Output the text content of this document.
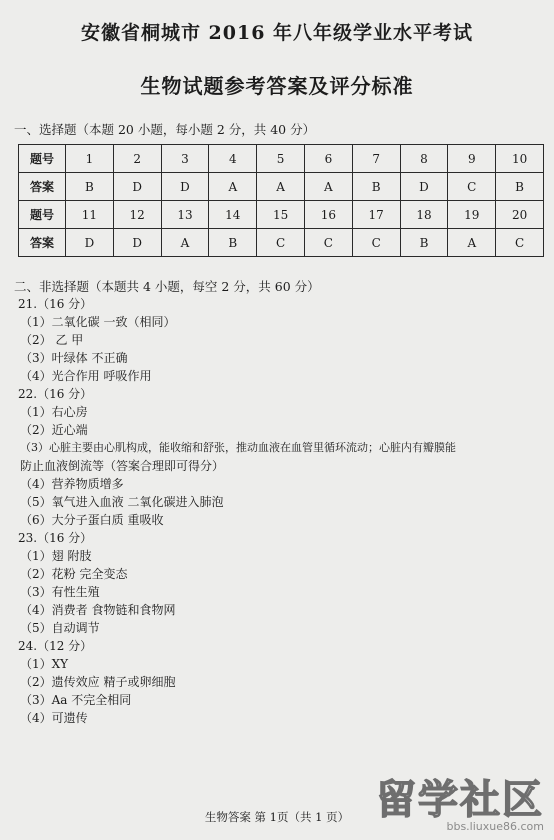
安徽省桐城市 2016 年八年级学业水平考试
生物试题参考答案及评分标准
一、选择题（本题 20 小题，每小题 2 分，共 40 分）
题号	1	2	3	4	5	6	7	8	9	10
答案	B	D	D	A	A	A	B	D	C	B
题号	11	12	13	14	15	16	17	18	19	20
答案	D	D	A	B	C	C	C	B	A	C
二、非选择题（本题共 4 小题，每空 2 分，共 60 分）
21.（16 分）
（1）二氧化碳 一致（相同）
（2） 乙 甲
（3）叶绿体 不正确
（4）光合作用 呼吸作用
22.（16 分）
（1）右心房
（2）近心端
（3）心脏主要由心肌构成，能收缩和舒张，推动血液在血管里循环流动；心脏内有瓣膜能
防止血液倒流等（答案合理即可得分）
（4）营养物质增多
（5）氧气进入血液 二氧化碳进入肺泡
（6）大分子蛋白质 重吸收
23.（16 分）
（1）翅 附肢
（2）花粉 完全变态
（3）有性生殖
（4）消费者 食物链和食物网
（5）自动调节
24.（12 分）
（1）XY
（2）遗传效应 精子或卵细胞
（3）Aa 不完全相同
（4）可遗传
生物答案 第 1页（共 1 页） 留学社区
bbs.liuxue86.com
